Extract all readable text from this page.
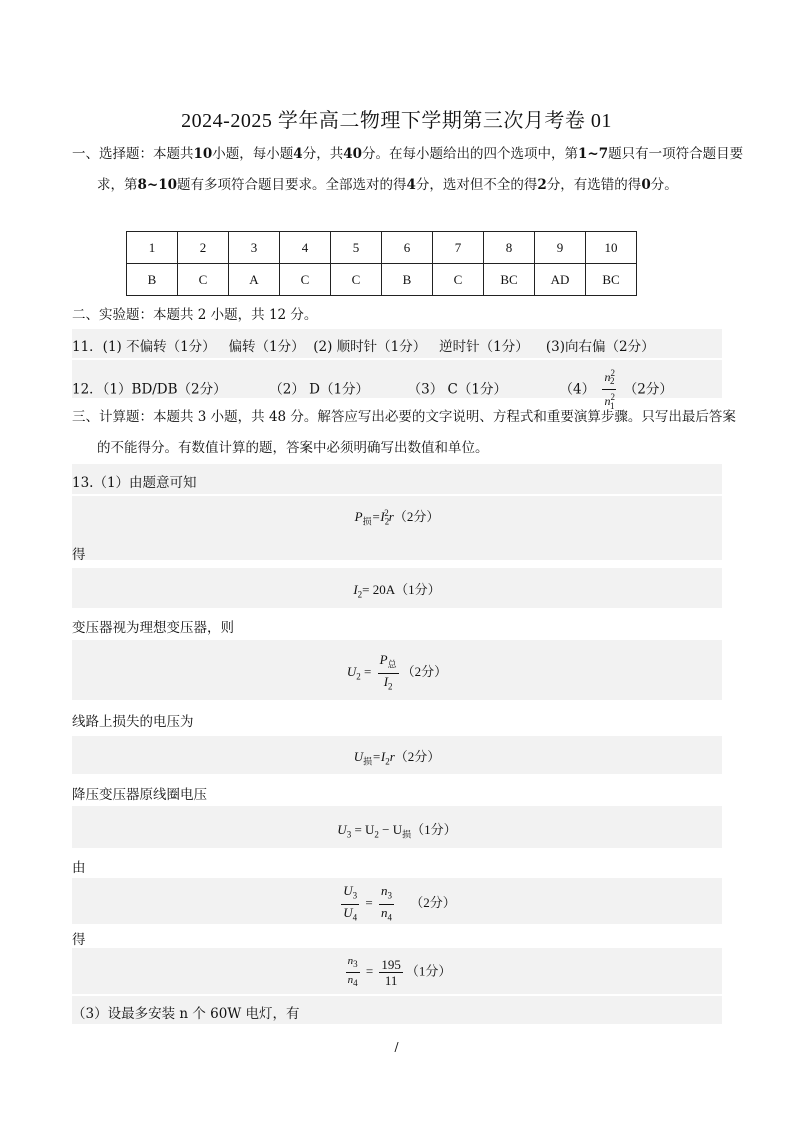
2024-2025 学年高二物理下学期第三次月考卷 01
一、选择题：本题共10小题，每小题4分，共40分。在每小题给出的四个选项中，第1~7题只有一项符合题目要求，第8~10题有多项符合题目要求。全部选对的得4分，选对但不全的得2分，有选错的得0分。
1	2	3	4	5	6	7	8	9	10
B	C	A	C	C	B	C	BC	AD	BC
二、实验题：本题共 2 小题，共 12 分。
11．(1) 不偏转（1分）   偏转（1分）  (2) 顺时针（1分）   逆时针（1分）    (3)向右偏（2分）
12．（1）BD/DB（2分）	（2） D（1分）	（3） C（1分）	$(4) \frac{n^2_2}{n^2_1} (2$分）
三、计算题：本题共 3 小题，共 48 分。解答应写出必要的文字说明、方程式和重要演算步骤。只写出最后答案的不能得分。有数值计算的题，答案中必须明确写出数值和单位。
13.（1）由题意可知
$P_损=I_2^2r(2$分）
得
$I_2= 20A(1$分）
变压器视为理想变压器，则
$U_2 = \frac{P_总}{I_2} (2$分）
线路上损失的电压为
$U_损=I_2r(2$分）
降压变压器原线圈电压
$U_3 = U_2 - U_损(1$分）
由
$\frac{U_3}{U_4} = \frac{n_3}{n_4} (2$分）
得
$\frac{n_3}{n_4} = \frac{195}{11} (1$分）
（3）设最多安装 n 个 60W 电灯，有
/
